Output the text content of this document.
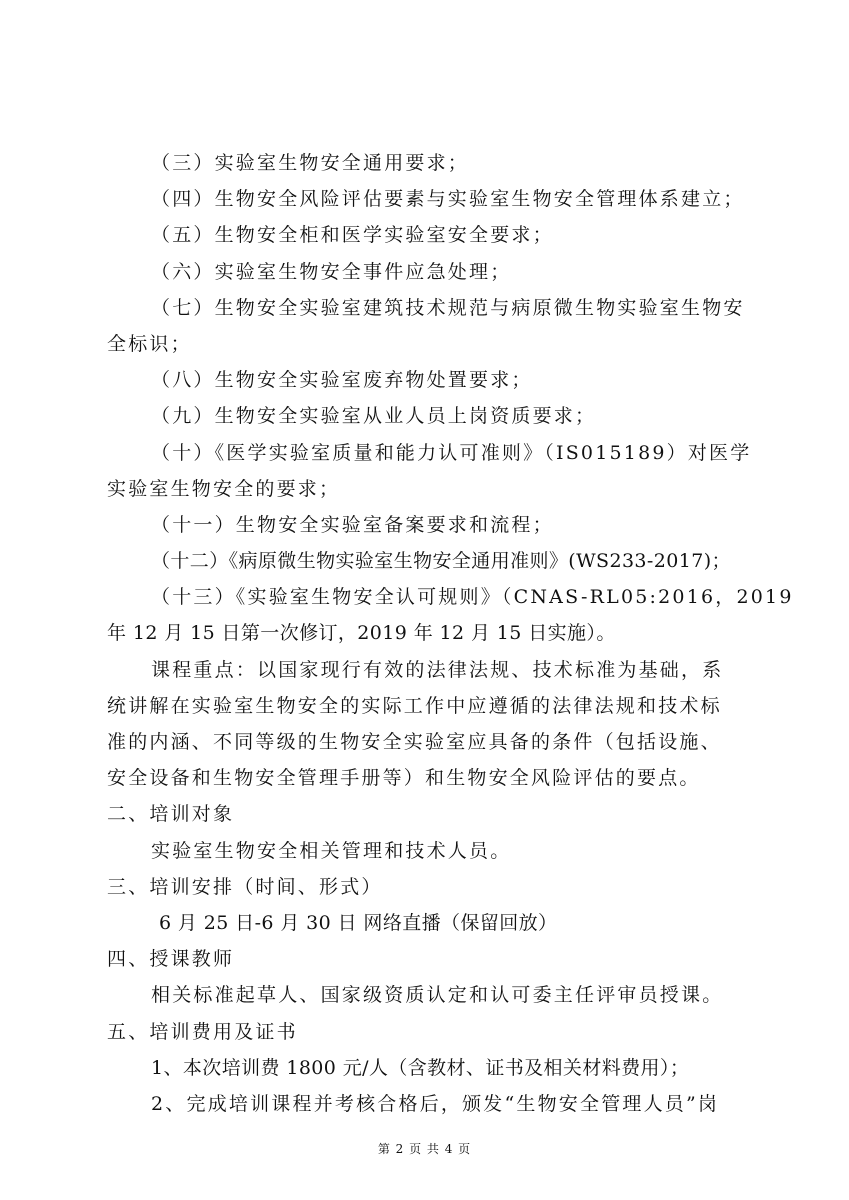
（三）实验室生物安全通用要求；
（四）生物安全风险评估要素与实验室生物安全管理体系建立；
（五）生物安全柜和医学实验室安全要求；
（六）实验室生物安全事件应急处理；
（七）生物安全实验室建筑技术规范与病原微生物实验室生物安
全标识；
（八）生物安全实验室废弃物处置要求；
（九）生物安全实验室从业人员上岗资质要求；
（十）《医学实验室质量和能力认可准则》（IS015189）对医学
实验室生物安全的要求；
（十一）生物安全实验室备案要求和流程；
（十二）《病原微生物实验室生物安全通用准则》(WS233-2017)；
（十三）《实验室生物安全认可规则》（CNAS-RL05:2016，2019
年 12 月 15 日第一次修订，2019 年 12 月 15 日实施）。
课程重点：以国家现行有效的法律法规、技术标准为基础，系
统讲解在实验室生物安全的实际工作中应遵循的法律法规和技术标
准的内涵、不同等级的生物安全实验室应具备的条件（包括设施、
安全设备和生物安全管理手册等）和生物安全风险评估的要点。
二、培训对象
实验室生物安全相关管理和技术人员。
三、培训安排（时间、形式）
6 月 25 日-6 月 30 日 网络直播（保留回放）
四、授课教师
相关标准起草人、国家级资质认定和认可委主任评审员授课。
五、培训费用及证书
1、本次培训费 1800 元/人（含教材、证书及相关材料费用）；
2、完成培训课程并考核合格后，颁发“生物安全管理人员”岗
第 2 页 共 4 页
